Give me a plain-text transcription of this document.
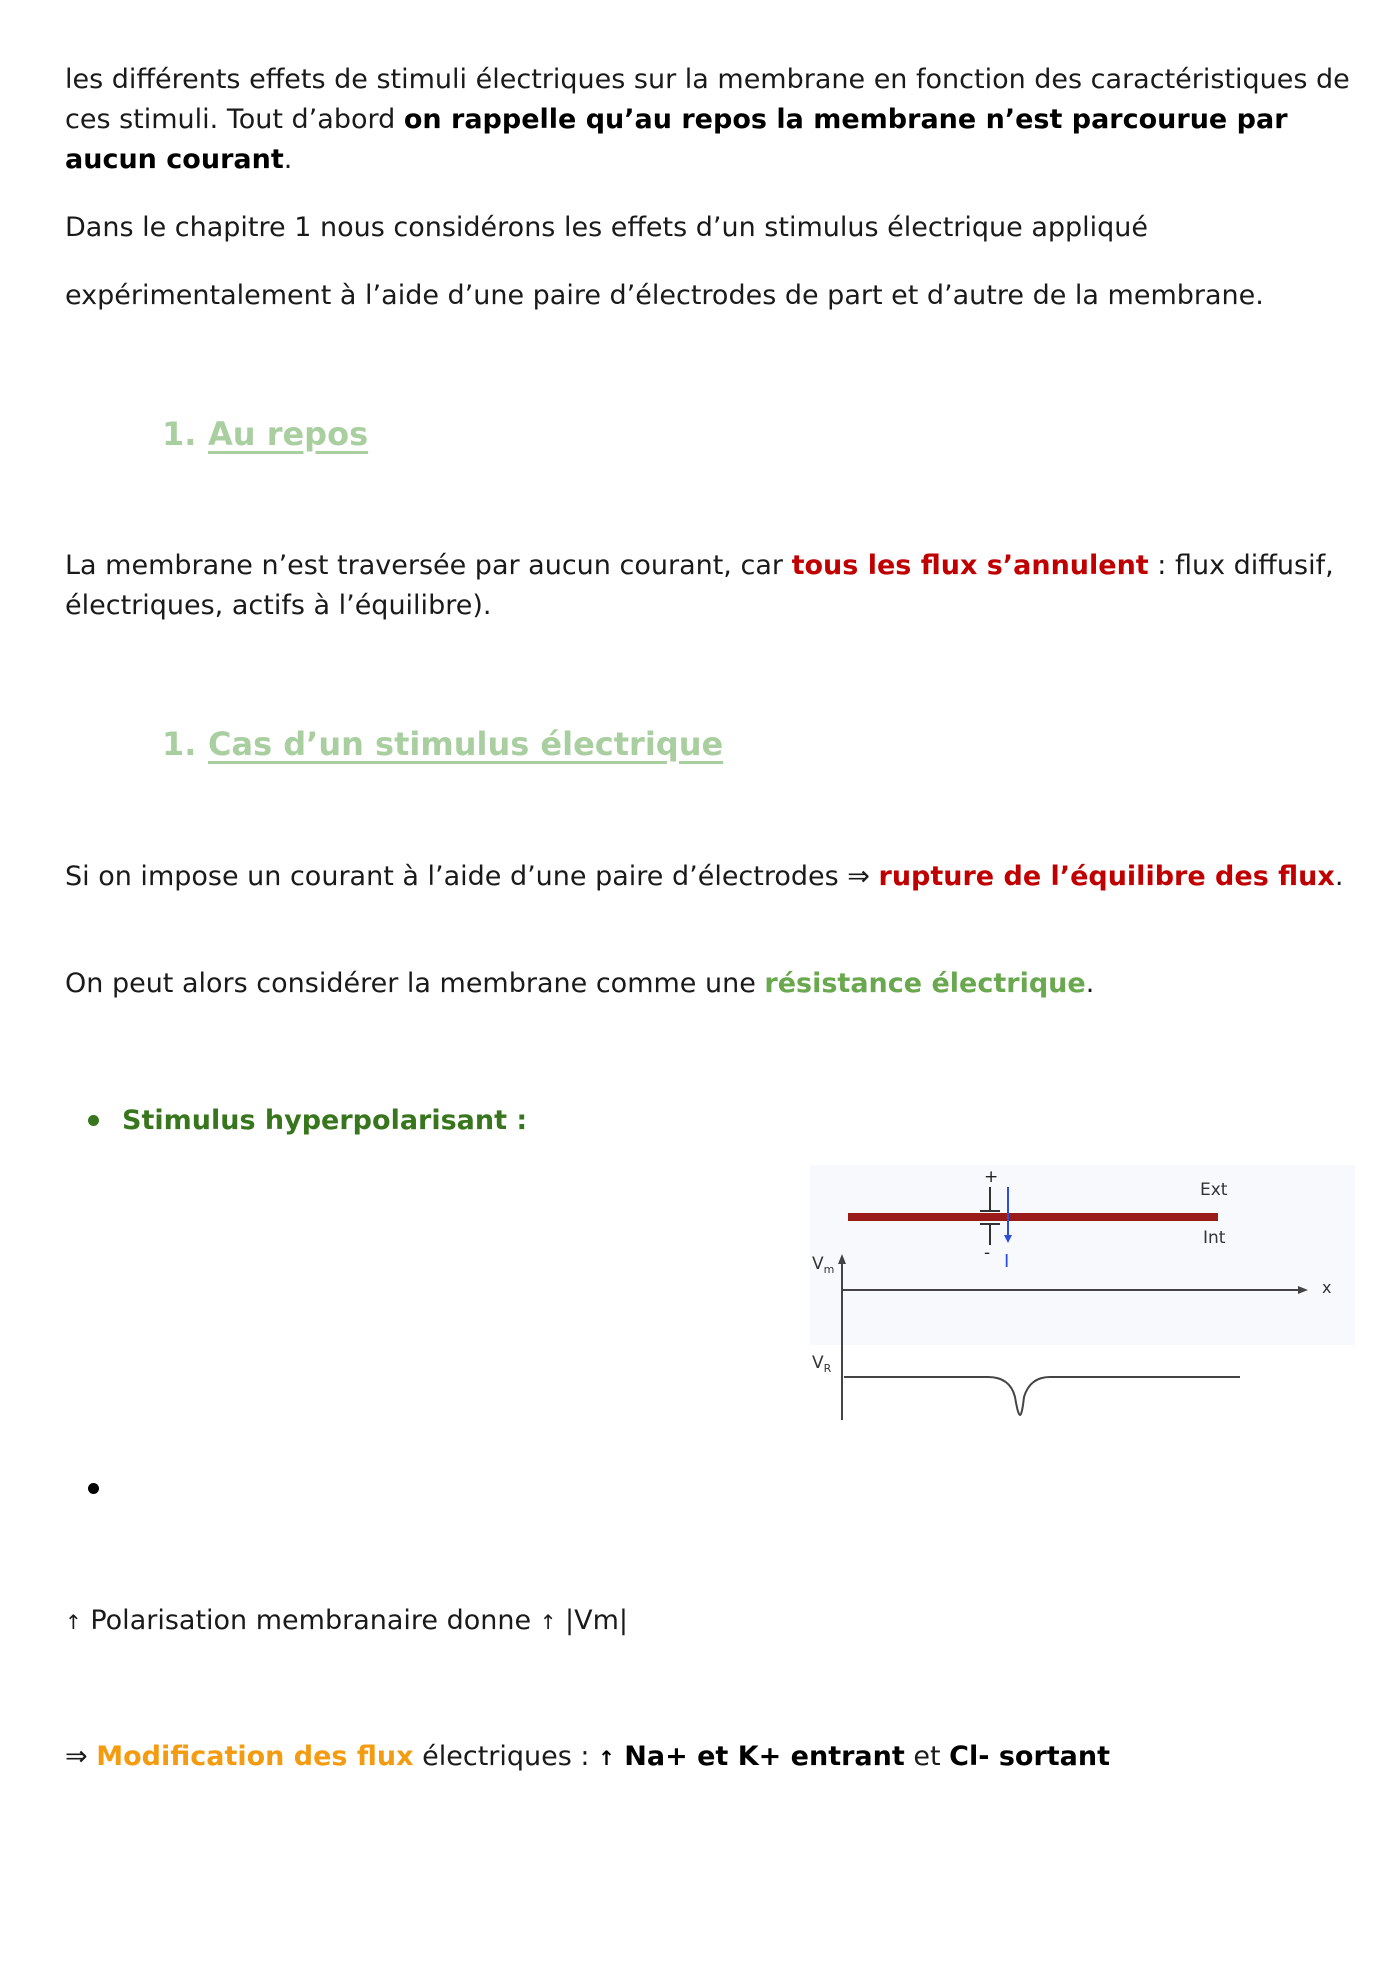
les différents effets de stimuli électriques sur la membrane en fonction des caractéristiques de ces stimuli. Tout d’abord on rappelle qu’au repos la membrane n’est parcourue par aucun courant.

Dans le chapitre 1 nous considérons les effets d’un stimulus électrique appliqué

expérimentalement à l’aide d’une paire d’électrodes de part et d’autre de la membrane.

1. Au repos

La membrane n’est traversée par aucun courant, car tous les flux s’annulent : flux diffusif, électriques, actifs à l’équilibre).

1. Cas d’un stimulus électrique

Si on impose un courant à l’aide d’une paire d’électrodes ⇒ rupture de l’équilibre des flux.

On peut alors considérer la membrane comme une résistance électrique.

Stimulus hyperpolarisant :

+
- I
Ext
Int
$V_m$
x
$V_R$

↑ Polarisation membranaire donne ↑ |Vm|

⇒ Modification des flux électriques : ↑ Na+ et K+ entrant et Cl- sortant
